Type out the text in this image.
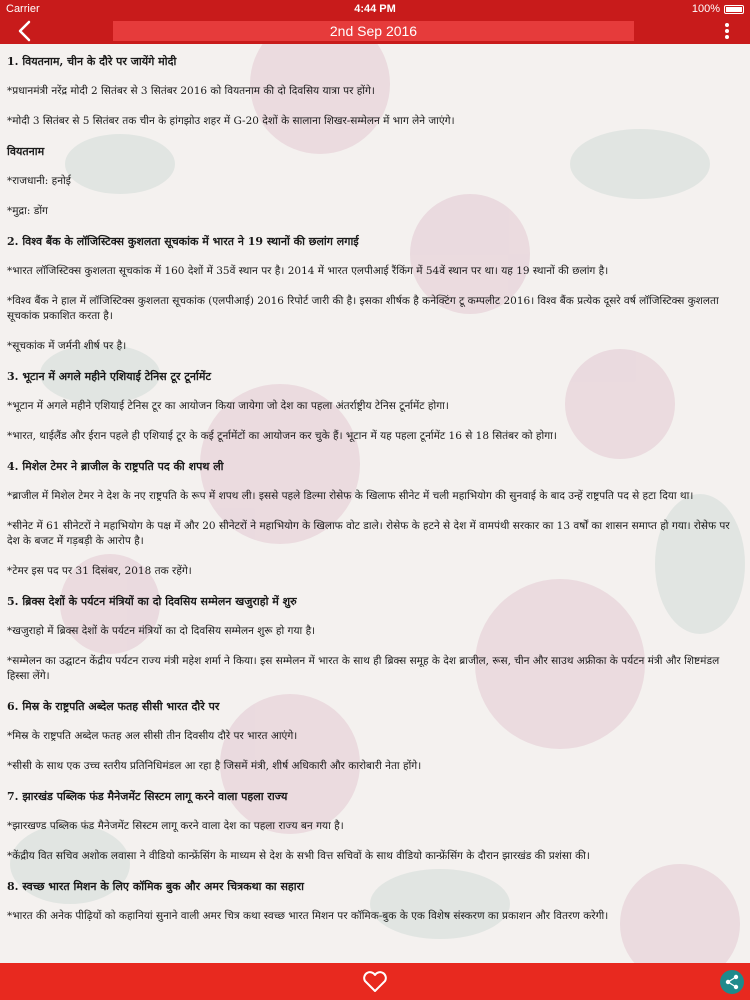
Carrier	4:44 PM	100%
2nd Sep 2016
1. वियतनाम, चीन के दौरे पर जायेंगे मोदी
*प्रधानमंत्री नरेंद्र मोदी 2 सितंबर से 3 सितंबर 2016 को वियतनाम की दो दिवसिय यात्रा पर होंगे।
*मोदी 3 सितंबर से 5 सितंबर तक चीन के हांगझोउ शहर में G-20 देशों के सालाना शिखर-सम्मेलन में भाग लेने जाएंगे।
वियतनाम
*राजधानी: हनोई
*मुद्रा: डोंग
2. विश्व बैंक के लॉजिस्टिक्स कुशलता सूचकांक में भारत ने 19 स्थानों की छलांग लगाई
*भारत लॉजिस्टिक्स कुशलता सूचकांक में 160 देशों में 35वें स्थान पर है। 2014 में भारत एलपीआई रैंकिंग में 54वें स्थान पर था। यह 19 स्थानों की छलांग है।
*विश्व बैंक ने हाल में लॉजिस्टिक्स कुशलता सूचकांक (एलपीआई) 2016 रिपोर्ट जारी की है। इसका शीर्षक है कनेक्टिंग टू कम्पलीट 2016। विश्व बैंक प्रत्येक दूसरे वर्ष लॉजिस्टिक्स कुशलता सूचकांक प्रकाशित करता है।
*सूचकांक में जर्मनी शीर्ष पर है।
3. भूटान में अगले महीने एशियाई टेनिस टूर टूर्नामेंट
*भूटान में अगले महीने एशियाई टेनिस टूर का आयोजन किया जायेगा जो देश का पहला अंतर्राष्ट्रीय टेनिस टूर्नामेंट होगा।
*भारत, थाईलैंड और ईरान पहले ही एशियाई टूर के कई टूर्नामेंटों का आयोजन कर चुके हैं। भूटान में यह पहला टूर्नामेंट 16 से 18 सितंबर को होगा।
4. मिशेल टेमर ने ब्राजील के राष्ट्रपति पद की शपथ ली
*ब्राजील में मिशेल टेमर ने देश के नए राष्ट्रपति के रूप में शपथ ली। इससे पहले डिल्मा रोसेफ के खिलाफ सीनेट में चली महाभियोग की सुनवाई के बाद उन्हें राष्ट्रपति पद से हटा दिया था।
*सीनेट में 61 सीनेटरों ने महाभियोग के पक्ष में और 20 सीनेटरों ने महाभियोग के खिलाफ वोट डाले। रोसेफ के हटने से देश में वामपंथी सरकार का 13 वर्षों का शासन समाप्त हो गया। रोसेफ पर देश के बजट में गड़बड़ी के आरोप है।
*टेमर इस पद पर 31 दिसंबर, 2018 तक रहेंगे।
5. ब्रिक्स देशों के पर्यटन मंत्रियों का दो दिवसिय सम्मेलन खजुराहो में शुरु
*खजुराहो में ब्रिक्स देशों के पर्यटन मंत्रियों का दो दिवसिय सम्मेलन शुरू हो गया है।
*सम्मेलन का उद्घाटन केंद्रीय पर्यटन राज्य मंत्री महेश शर्मा ने किया। इस सम्मेलन में भारत के साथ ही ब्रिक्स समूह के देश ब्राजील, रूस, चीन और साउथ अफ्रीका के पर्यटन मंत्री और शिष्टमंडल हिस्सा लेंगे।
6. मिस्र के राष्ट्रपति अब्देल फतह सीसी भारत दौरे पर
*मिस्र के राष्ट्रपति अब्देल फतह अल सीसी तीन दिवसीय दौरे पर भारत आएंगे।
*सीसी के साथ एक उच्च स्तरीय प्रतिनिधिमंडल आ रहा है जिसमें मंत्री, शीर्ष अधिकारी और कारोबारी नेता होंगे।
7. झारखंड पब्लिक फंड मैनेजमेंट सिस्टम लागू करने वाला पहला राज्य
*झारखण्ड पब्लिक फंड मैनेजमेंट सिस्टम लागू करने वाला देश का पहला राज्य बन गया है।
*केंद्रीय वित सचिव अशोक लवासा ने वीडियो कान्फ्रेंसिंग के माध्यम से देश के सभी वित्त सचिवों के साथ वीडियो कान्फ्रेंसिंग के दौरान झारखंड की प्रशंसा की।
8. स्वच्छ भारत मिशन के लिए कॉमिक बुक और अमर चित्रकथा का सहारा
*भारत की अनेक पीढ़ियों को कहानियां सुनाने वाली अमर चित्र कथा स्वच्छ भारत मिशन पर कॉमिक-बुक के एक विशेष संस्करण का प्रकाशन और वितरण करेगी।
